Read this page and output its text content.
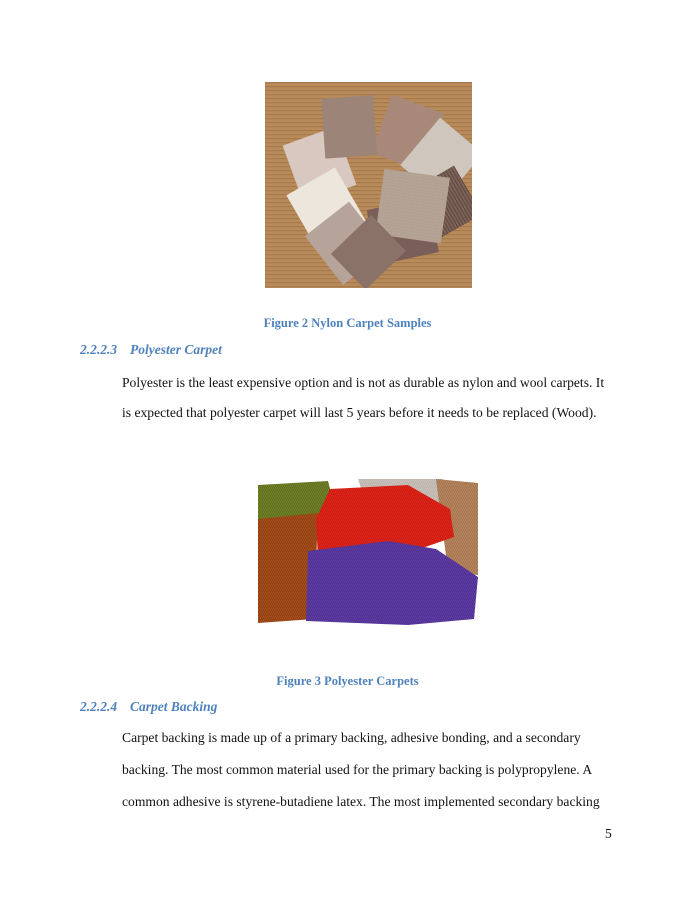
Figure 2 Nylon Carpet Samples
2.2.2.3 Polyester Carpet
Polyester is the least expensive option and is not as durable as nylon and wool carpets. It
is expected that polyester carpet will last 5 years before it needs to be replaced (Wood).
Figure 3 Polyester Carpets
2.2.2.4 Carpet Backing
Carpet backing is made up of a primary backing, adhesive bonding, and a secondary
backing. The most common material used for the primary backing is polypropylene. A
common adhesive is styrene-butadiene latex. The most implemented secondary backing
5
